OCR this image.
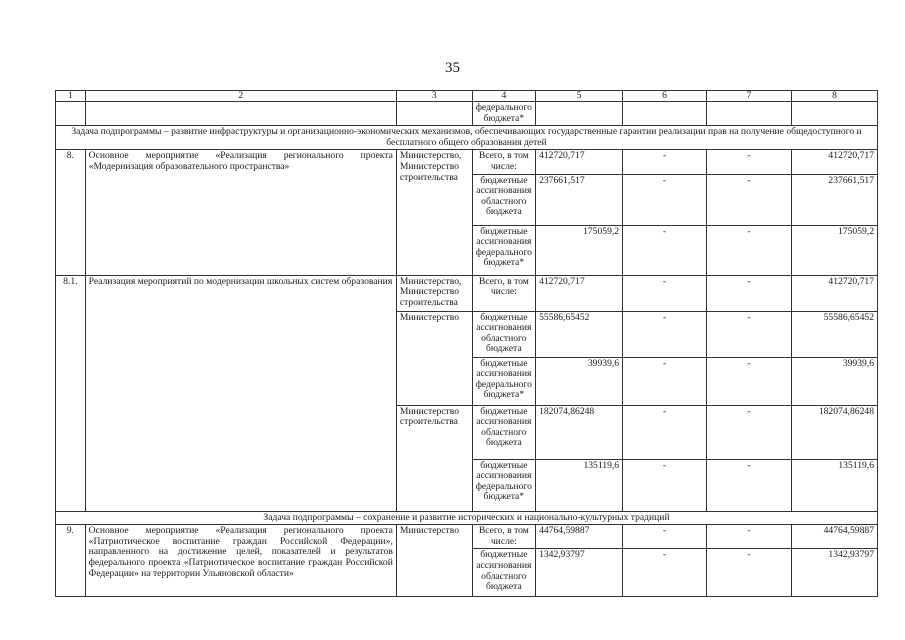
35
1	2	3	4	5	6	7	8
			федерального бюджета*				
Задача подпрограммы – развитие инфраструктуры и организационно-экономических механизмов, обеспечивающих государственные гарантии реализации прав на получение общедоступного и бесплатного общего образования детей							
8.	Основное мероприятие «Реализация регионального проекта «Модернизация образовательного пространства»	Министерство, Министерство строительства	Всего, в том числе:	412720,717	-	-	412720,717
			бюджетные ассигнования областного бюджета	237661,517	-	-	237661,517
			бюджетные ассигнования федерального бюджета*	175059,2	-	-	175059,2
8.1.	Реализация мероприятий по модернизации школьных систем образования	Министерство, Министерство строительства	Всего, в том числе:	412720,717	-	-	412720,717
		Министерство	бюджетные ассигнования областного бюджета	55586,65452	-	-	55586,65452
			бюджетные ассигнования федерального бюджета*	39939,6	-	-	39939,6
		Министерство строительства	бюджетные ассигнования областного бюджета	182074,86248	-	-	182074,86248
			бюджетные ассигнования федерального бюджета*	135119,6	-	-	135119,6
Задача подпрограммы – сохранение и развитие исторических и национально-культурных традиций							
9.	Основное мероприятие «Реализация регионального проекта «Патриотическое воспитание граждан Российской Федерации», направленного на достижение целей, показателей и результатов федерального проекта «Патриотическое воспитание граждан Российской Федерации» на территории Ульяновской области»	Министерство	Всего, в том числе:	44764,59887	-	-	44764,59887
			бюджетные ассигнования областного бюджета	1342,93797	-	-	1342,93797
